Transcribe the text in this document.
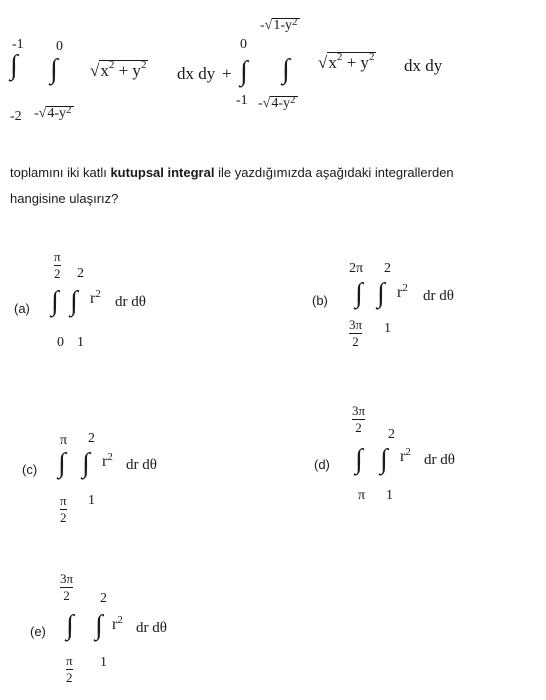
-1
∫
-2
0
∫
- √ $4-y^2$
√ $x^2 + y^2$ dx dy +
0
∫
-1
- √ $1-y^2$
∫
- √ $4-y^2$
√ $x^2 + y^2$ dx dy
toplamını iki katlı kutupsal integral ile yazdığımızda aşağıdaki integrallerden
hangisine ulaşırız?
(a)
π
2
∫
0
2
∫
1
$r^2$ dr dθ	(b)
2π
∫
3π
2
2
∫
1
$r^2$ dr dθ
(c)
π
∫
π
2
2
∫
1
$r^2$ dr dθ	(d)
3π
2
∫
π
2
∫
1
$r^2$ dr dθ
(e)
3π
2
∫
π
2
2
∫
1
$r^2$ dr dθ
